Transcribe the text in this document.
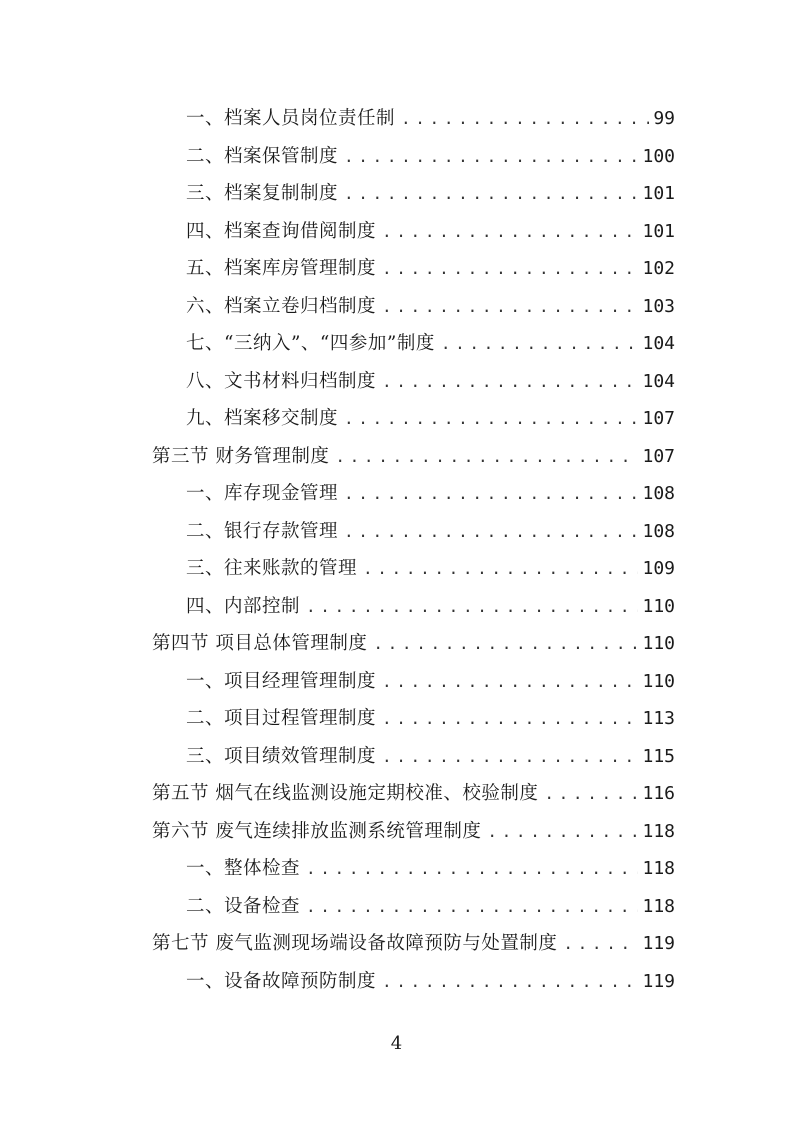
一、档案人员岗位责任制 . . .	99
二、档案保管制度 . . .	100
三、档案复制制度 . . .	101
四、档案查询借阅制度 . . .	101
五、档案库房管理制度 . . .	102
六、档案立卷归档制度 . . .	103
七、“三纳入”、“四参加”制度 . . .	104
八、文书材料归档制度 . . .	104
九、档案移交制度 . . .	107
第三节 财务管理制度 . . .	107
一、库存现金管理 . . .	108
二、银行存款管理 . . .	108
三、往来账款的管理 . . .	109
四、内部控制 . . .	110
第四节 项目总体管理制度 . . .	110
一、项目经理管理制度 . . .	110
二、项目过程管理制度 . . .	113
三、项目绩效管理制度 . . .	115
第五节 烟气在线监测设施定期校准、校验制度 . . .	116
第六节 废气连续排放监测系统管理制度 . . .	118
一、整体检查 . . .	118
二、设备检查 . . .	118
第七节 废气监测现场端设备故障预防与处置制度 . . .	119
一、设备故障预防制度 . . .	119
4
